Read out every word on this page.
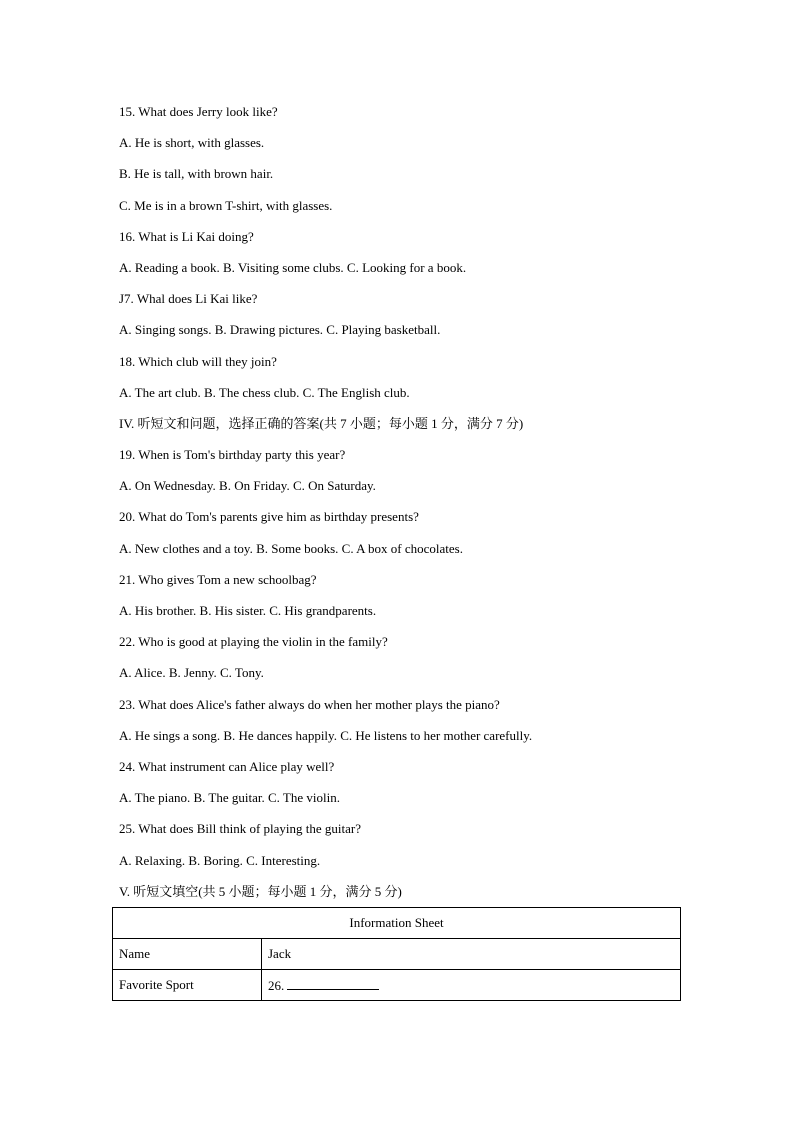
15. What does Jerry look like?
A. He is short, with glasses.
B. He is tall, with brown hair.
C. Me is in a brown T-shirt, with glasses.
16. What is Li Kai doing?
A. Reading a book. B. Visiting some clubs. C. Looking for a book.
J7. Whal does Li Kai like?
A. Singing songs. B. Drawing pictures. C. Playing basketball.
18. Which club will they join?
A. The art club. B. The chess club. C. The English club.
IV. 听短文和问题，选择正确的答案(共 7 小题；每小题 1 分，满分 7 分)
19. When is Tom's birthday party this year?
A. On Wednesday. B. On Friday. C. On Saturday.
20. What do Tom's parents give him as birthday presents?
A. New clothes and a toy. B. Some books. C. A box of chocolates.
21. Who gives Tom a new schoolbag?
A. His brother. B. His sister. C. His grandparents.
22. Who is good at playing the violin in the family?
A. Alice. B. Jenny. C. Tony.
23. What does Alice's father always do when her mother plays the piano?
A. He sings a song. B. He dances happily. C. He listens to her mother carefully.
24. What instrument can Alice play well?
A. The piano. B. The guitar. C. The violin.
25. What does Bill think of playing the guitar?
A. Relaxing. B. Boring. C. Interesting.
V. 听短文填空(共 5 小题；每小题 1 分，满分 5 分)
Information Sheet	
Name	Jack
Favorite Sport	26.
